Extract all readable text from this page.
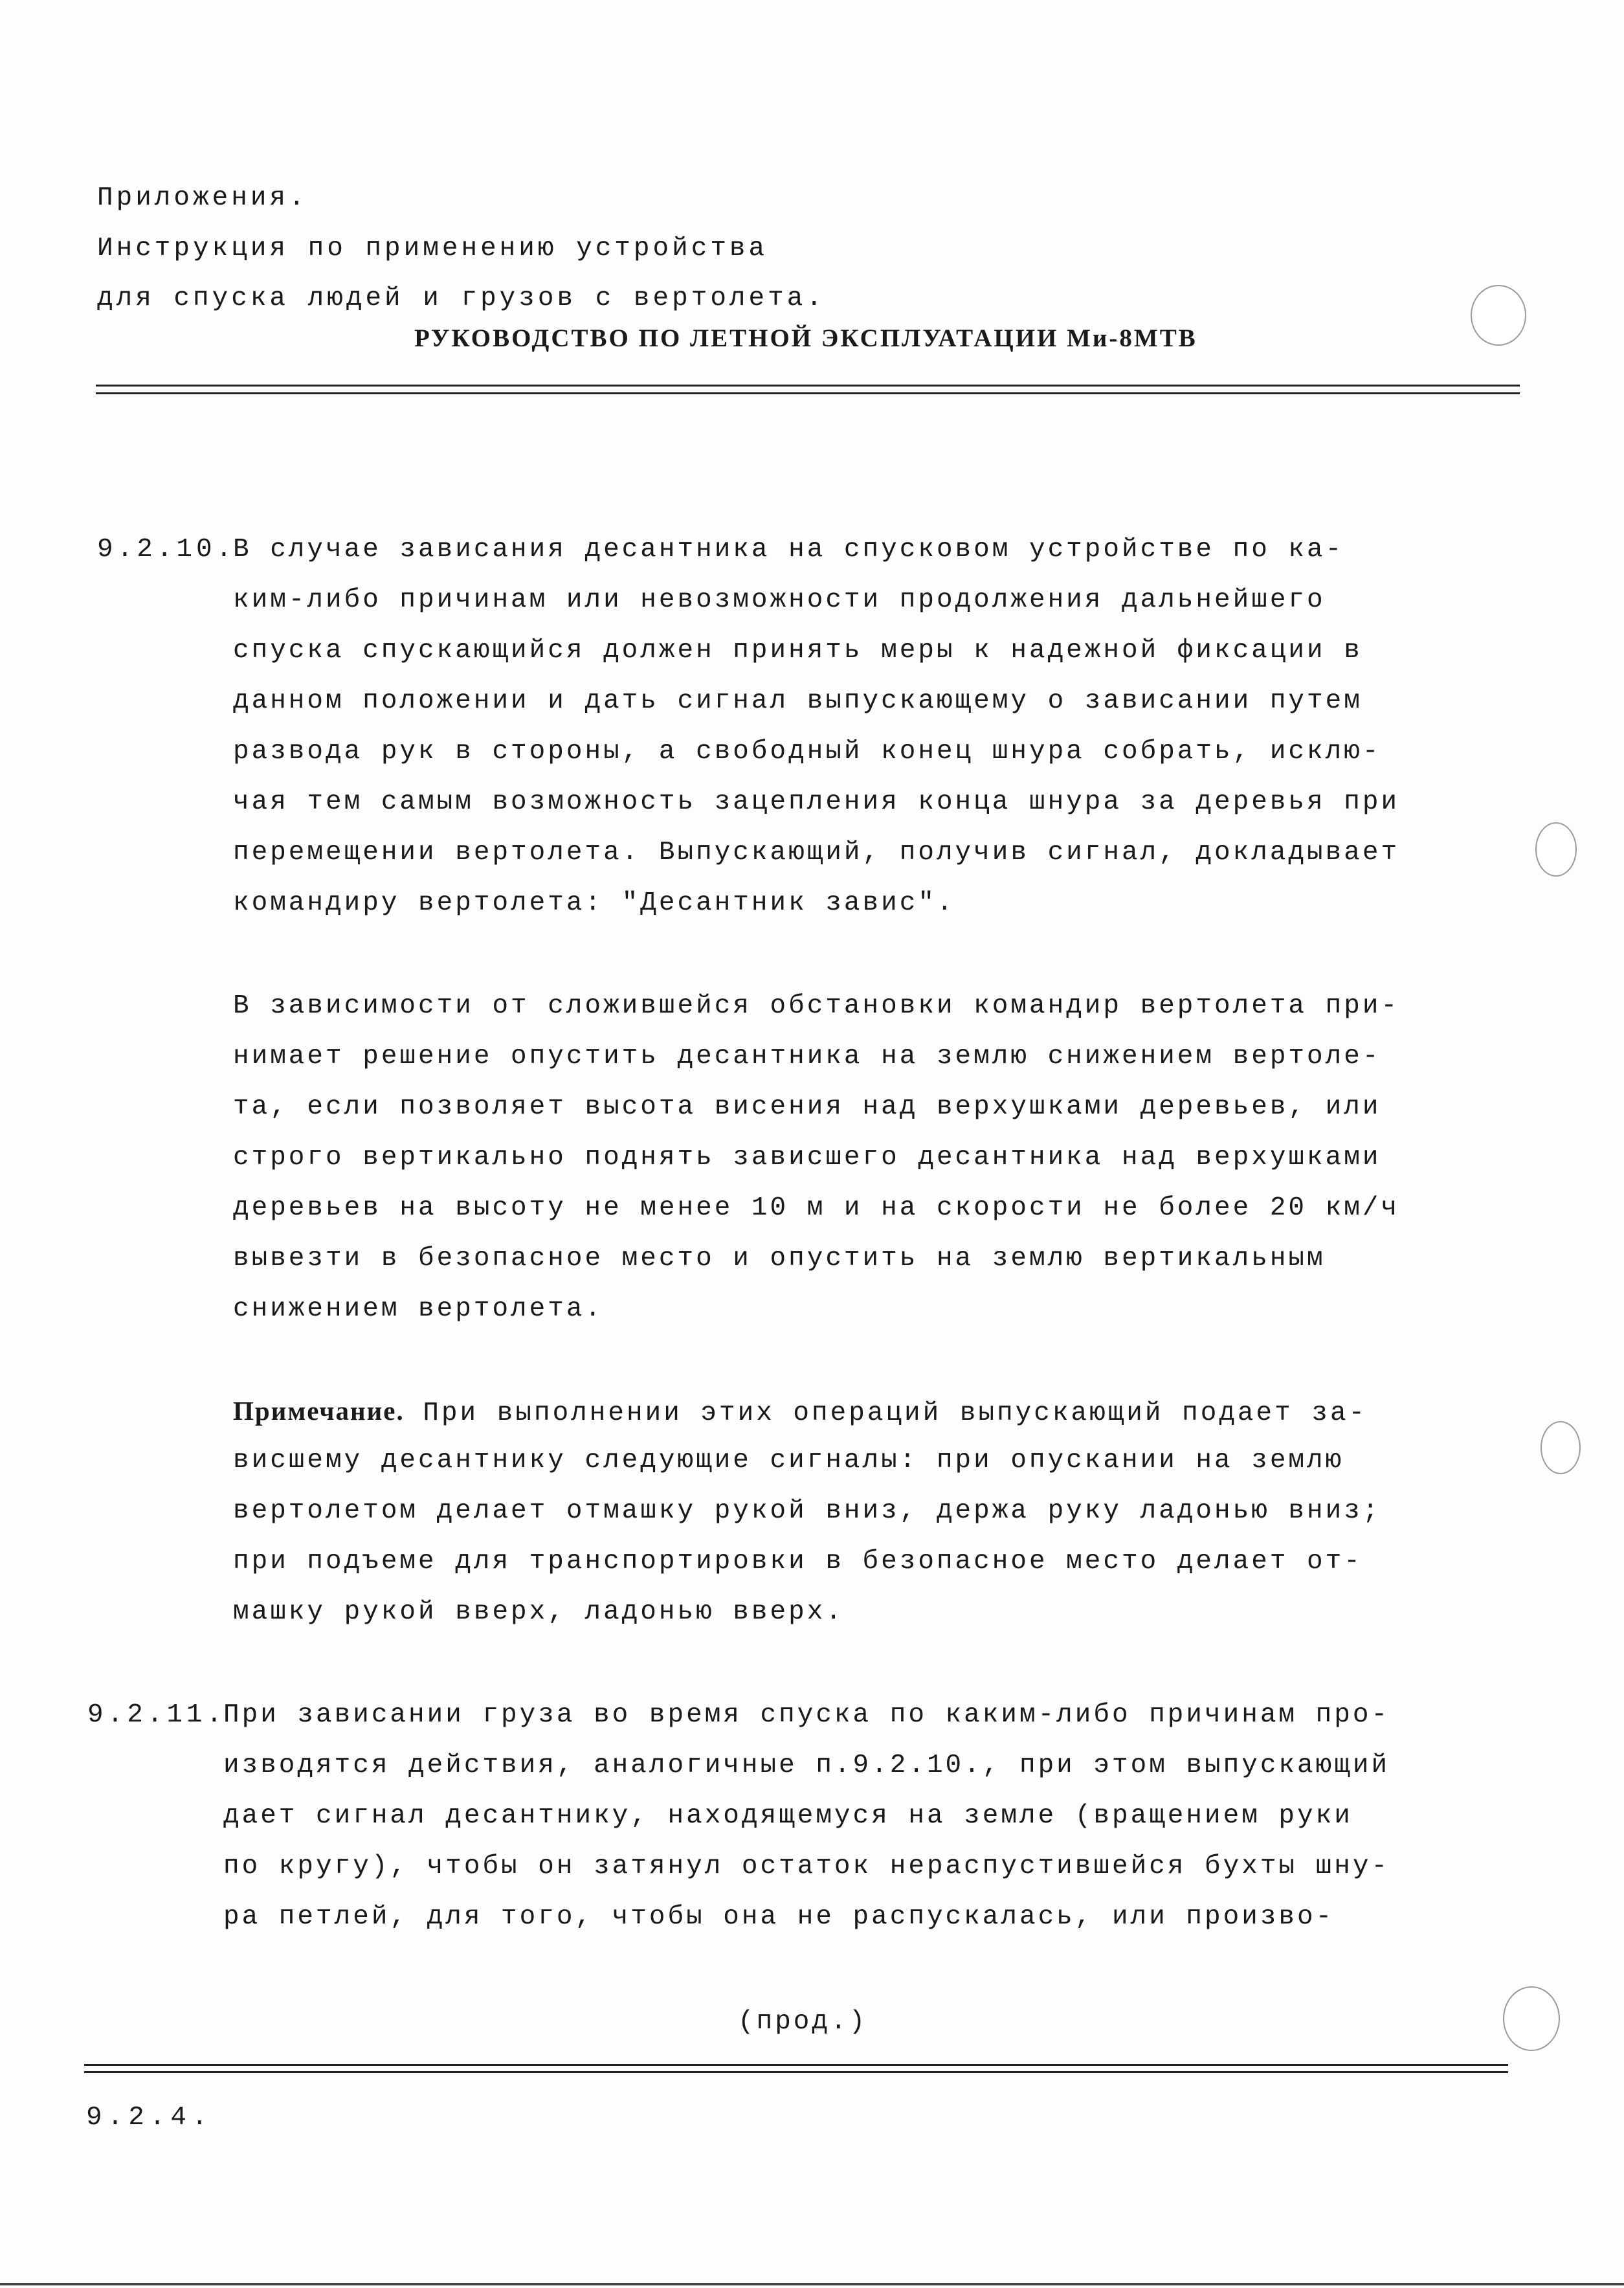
Приложения.
Инструкция по применению устройства
для спуска людей и грузов с вертолета.
РУКОВОДСТВО ПО ЛЕТНОЙ ЭКСПЛУАТАЦИИ Ми-8МТВ
9.2.10.
В случае зависания десантника на спусковом устройстве по ка-
ким-либо причинам или невозможности продолжения дальнейшего
спуска спускающийся должен принять меры к надежной фиксации в
данном положении и дать сигнал выпускающему о зависании путем
развода рук в стороны, а свободный конец шнура собрать, исклю-
чая тем самым возможность зацепления конца шнура за деревья при
перемещении вертолета. Выпускающий, получив сигнал, докладывает
командиру вертолета: "Десантник завис".
В зависимости от сложившейся обстановки командир вертолета при-
нимает решение опустить десантника на землю снижением вертоле-
та, если позволяет высота висения над верхушками деревьев, или
строго вертикально поднять зависшего десантника над верхушками
деревьев на высоту не менее 10 м и на скорости не более 20 км/ч
вывезти в безопасное место и опустить на землю вертикальным
снижением вертолета.
Примечание. При выполнении этих операций выпускающий подает за-
висшему десантнику следующие сигналы: при опускании на землю
вертолетом делает отмашку рукой вниз, держа руку ладонью вниз;
при подъеме для транспортировки в безопасное место делает от-
машку рукой вверх, ладонью вверх.
9.2.11.
При зависании груза во время спуска по каким-либо причинам про-
изводятся действия, аналогичные п.9.2.10., при этом выпускающий
дает сигнал десантнику, находящемуся на земле (вращением руки
по кругу), чтобы он затянул остаток нераспустившейся бухты шну-
ра петлей, для того, чтобы она не распускалась, или произво-
(прод.)
9.2.4.
